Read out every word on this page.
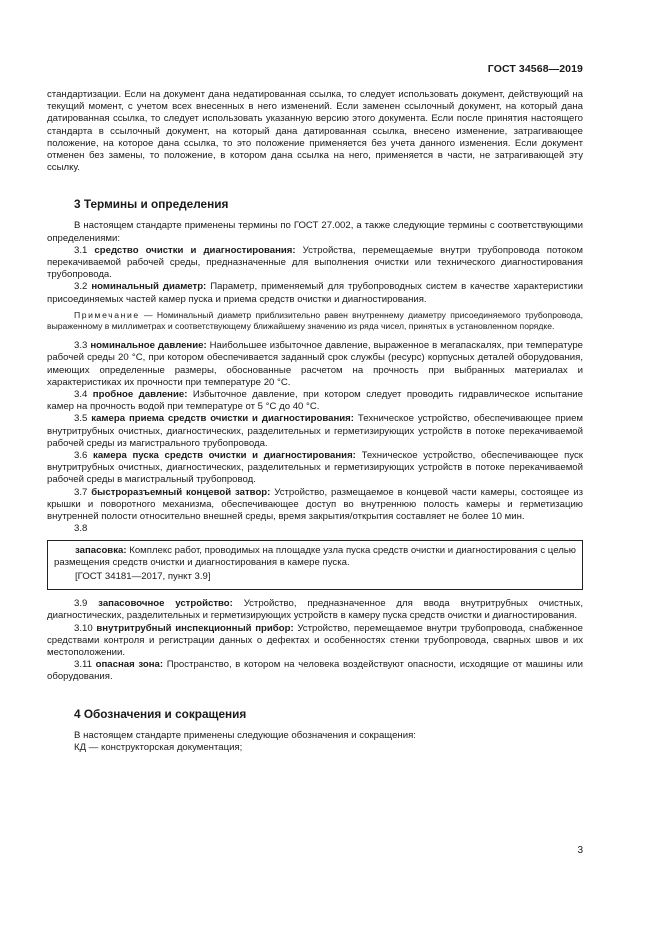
ГОСТ 34568—2019

стандартизации. Если на документ дана недатированная ссылка, то следует использовать документ, действующий на текущий момент, с учетом всех внесенных в него изменений. Если заменен ссылочный документ, на который дана датированная ссылка, то следует использовать указанную версию этого документа. Если после принятия настоящего стандарта в ссылочный документ, на который дана датированная ссылка, внесено изменение, затрагивающее положение, на которое дана ссылка, то это положение применяется без учета данного изменения. Если документ отменен без замены, то положение, в котором дана ссылка на него, применяется в части, не затрагивающей эту ссылку.

3 Термины и определения

В настоящем стандарте применены термины по ГОСТ 27.002, а также следующие термины с соответствующими определениями:

3.1 средство очистки и диагностирования: Устройства, перемещаемые внутри трубопровода потоком перекачиваемой рабочей среды, предназначенные для выполнения очистки или технического диагностирования трубопровода.

3.2 номинальный диаметр: Параметр, применяемый для трубопроводных систем в качестве характеристики присоединяемых частей камер пуска и приема средств очистки и диагностирования.

Примечание — Номинальный диаметр приблизительно равен внутреннему диаметру присоединяемого трубопровода, выраженному в миллиметрах и соответствующему ближайшему значению из ряда чисел, принятых в установленном порядке.

3.3 номинальное давление: Наибольшее избыточное давление, выраженное в мегапаскалях, при температуре рабочей среды 20 °С, при котором обеспечивается заданный срок службы (ресурс) корпусных деталей оборудования, имеющих определенные размеры, обоснованные расчетом на прочность при выбранных материалах и характеристиках их прочности при температуре 20 °С.

3.4 пробное давление: Избыточное давление, при котором следует проводить гидравлическое испытание камер на прочность водой при температуре от 5 °С до 40 °С.

3.5 камера приема средств очистки и диагностирования: Техническое устройство, обеспечивающее прием внутритрубных очистных, диагностических, разделительных и герметизирующих устройств в потоке перекачиваемой рабочей среды из магистрального трубопровода.

3.6 камера пуска средств очистки и диагностирования: Техническое устройство, обеспечивающее пуск внутритрубных очистных, диагностических, разделительных и герметизирующих устройств в потоке перекачиваемой рабочей среды в магистральный трубопровод.

3.7 быстроразъемный концевой затвор: Устройство, размещаемое в концевой части камеры, состоящее из крышки и поворотного механизма, обеспечивающее доступ во внутреннюю полость камеры и герметизацию внутренней полости относительно внешней среды, время закрытия/открытия составляет не более 10 мин.

3.8

запасовка: Комплекс работ, проводимых на площадке узла пуска средств очистки и диагностирования с целью размещения средств очистки и диагностирования в камере пуска.

[ГОСТ 34181—2017, пункт 3.9]

3.9 запасовочное устройство: Устройство, предназначенное для ввода внутритрубных очистных, диагностических, разделительных и герметизирующих устройств в камеру пуска средств очистки и диагностирования.

3.10 внутритрубный инспекционный прибор: Устройство, перемещаемое внутри трубопровода, снабженное средствами контроля и регистрации данных о дефектах и особенностях стенки трубопровода, сварных швов и их местоположении.

3.11 опасная зона: Пространство, в котором на человека воздействуют опасности, исходящие от машины или оборудования.

4 Обозначения и сокращения

В настоящем стандарте применены следующие обозначения и сокращения:

КД — конструкторская документация;

3
